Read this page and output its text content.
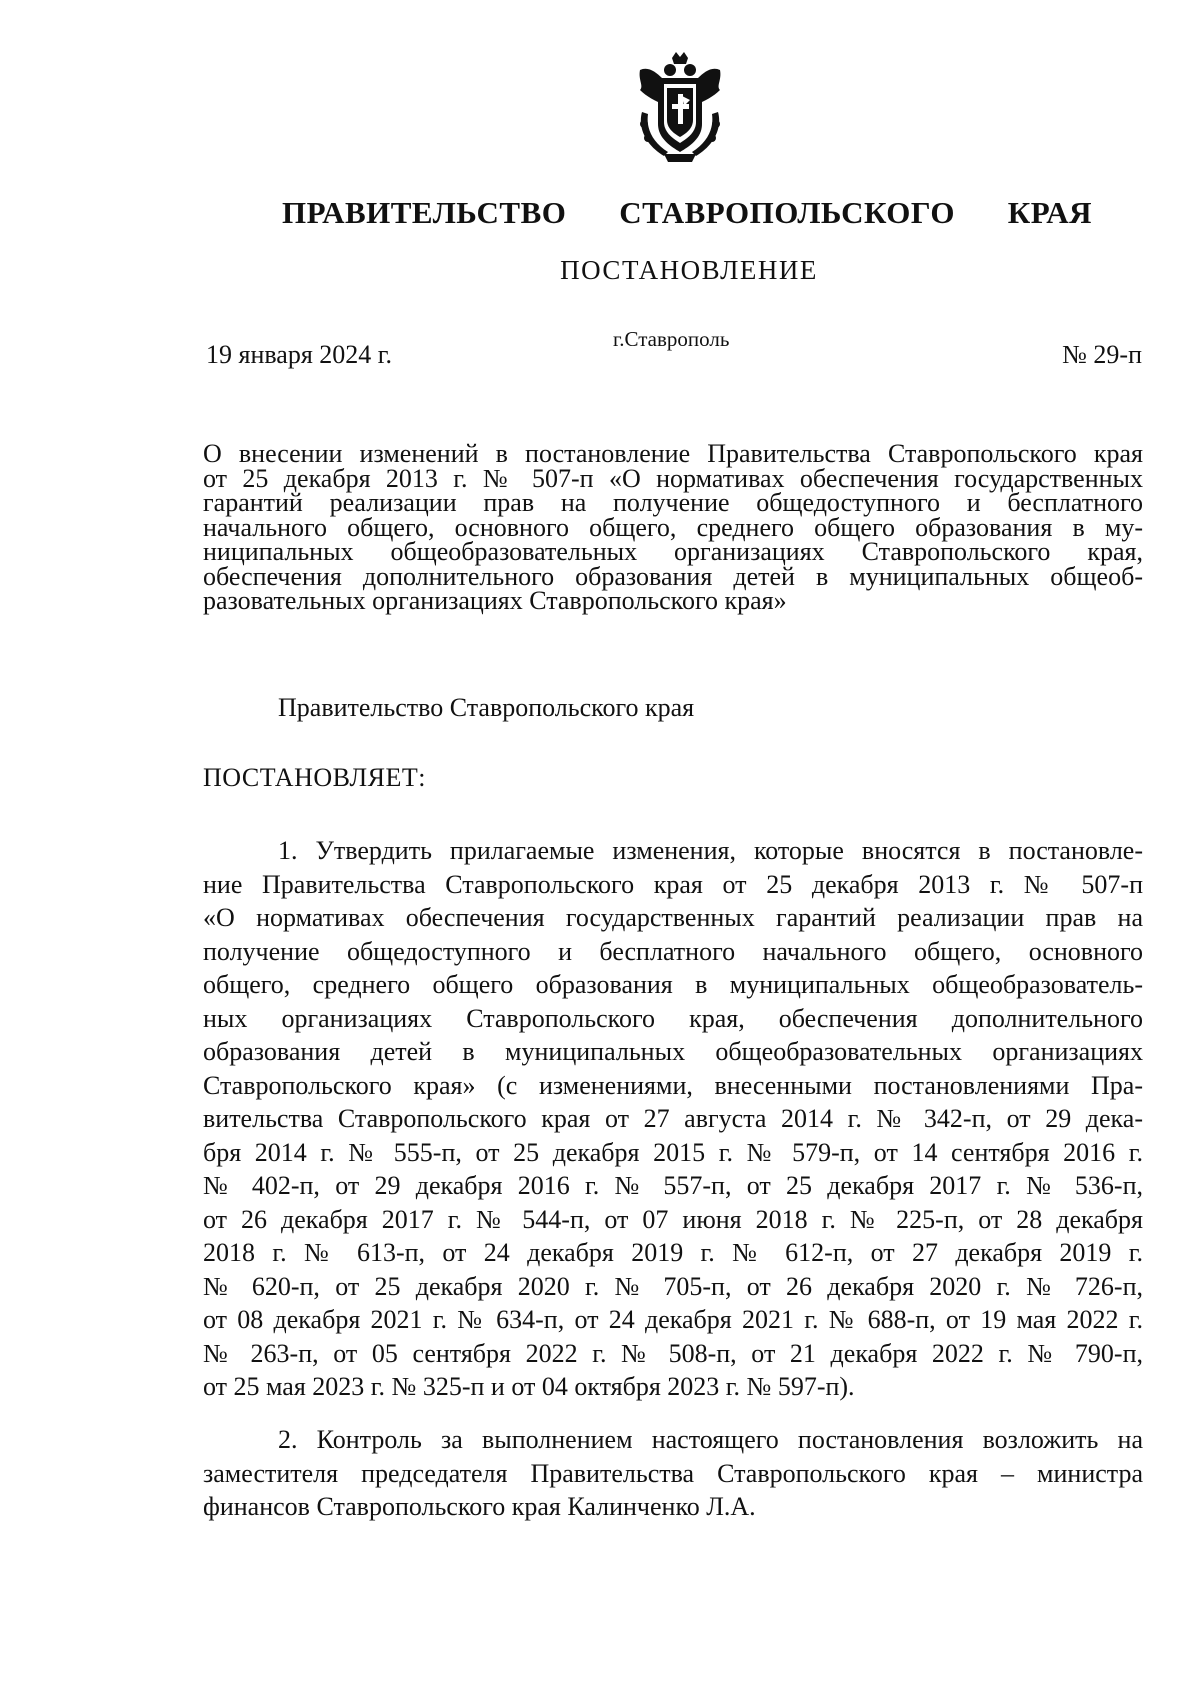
ПРАВИТЕЛЬСТВО СТАВРОПОЛЬСКОГО КРАЯ
ПОСТАНОВЛЕНИЕ
19 января 2024 г.
г.Ставрополь
№ 29-п
О внесении изменений в постановление Правительства Ставропольского края
от 25 декабря 2013 г. № 507-п «О нормативах обеспечения государственных
гарантий реализации прав на получение общедоступного и бесплатного
начального общего, основного общего, среднего общего образования в му-
ниципальных общеобразовательных организациях Ставропольского края,
обеспечения дополнительного образования детей в муниципальных общеоб-
разовательных организациях Ставропольского края»
Правительство Ставропольского края
ПОСТАНОВЛЯЕТ:
1. Утвердить прилагаемые изменения, которые вносятся в постановле-
ние Правительства Ставропольского края от 25 декабря 2013 г. № 507-п
«О нормативах обеспечения государственных гарантий реализации прав на
получение общедоступного и бесплатного начального общего, основного
общего, среднего общего образования в муниципальных общеобразователь-
ных организациях Ставропольского края, обеспечения дополнительного
образования детей в муниципальных общеобразовательных организациях
Ставропольского края» (с изменениями, внесенными постановлениями Пра-
вительства Ставропольского края от 27 августа 2014 г. № 342-п, от 29 дека-
бря 2014 г. № 555-п, от 25 декабря 2015 г. № 579-п, от 14 сентября 2016 г.
№ 402-п, от 29 декабря 2016 г. № 557-п, от 25 декабря 2017 г. № 536-п,
от 26 декабря 2017 г. № 544-п, от 07 июня 2018 г. № 225-п, от 28 декабря
2018 г. № 613-п, от 24 декабря 2019 г. № 612-п, от 27 декабря 2019 г.
№ 620-п, от 25 декабря 2020 г. № 705-п, от 26 декабря 2020 г. № 726-п,
от 08 декабря 2021 г. № 634-п, от 24 декабря 2021 г. № 688-п, от 19 мая 2022 г.
№ 263-п, от 05 сентября 2022 г. № 508-п, от 21 декабря 2022 г. № 790-п,
от 25 мая 2023 г. № 325-п и от 04 октября 2023 г. № 597-п).
2. Контроль за выполнением настоящего постановления возложить на
заместителя председателя Правительства Ставропольского края – министра
финансов Ставропольского края Калинченко Л.А.
